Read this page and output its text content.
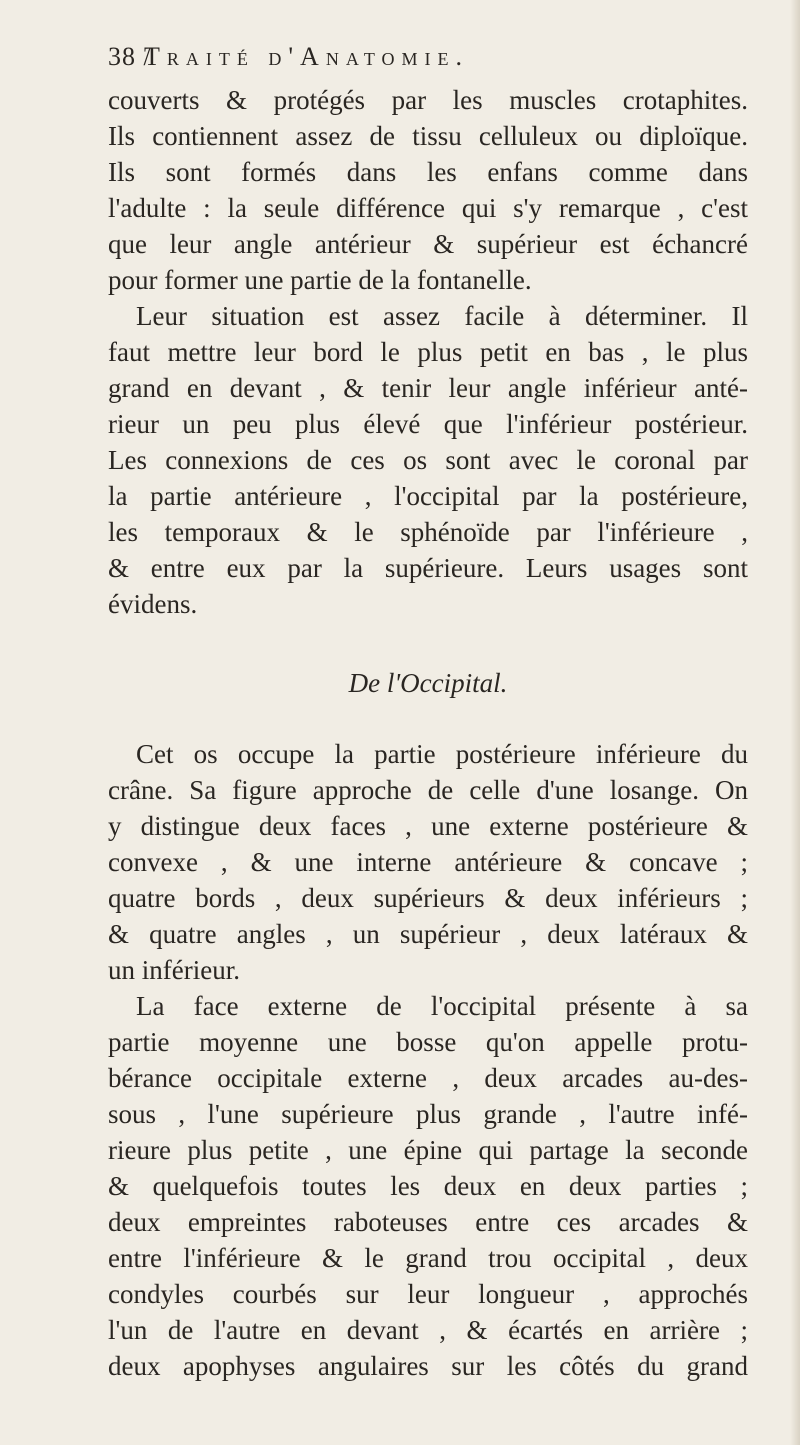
38 /
Traité d'Anatomie.
couverts & protégés par les muscles crotaphites.
Ils contiennent assez de tissu celluleux ou diploïque.
Ils sont formés dans les enfans comme dans
l'adulte : la seule différence qui s'y remarque , c'est
que leur angle antérieur & supérieur est échancré
pour former une partie de la fontanelle.
Leur situation est assez facile à déterminer. Il
faut mettre leur bord le plus petit en bas , le plus
grand en devant , & tenir leur angle inférieur anté-
rieur un peu plus élevé que l'inférieur postérieur.
Les connexions de ces os sont avec le coronal par
la partie antérieure , l'occipital par la postérieure,
les temporaux & le sphénoïde par l'inférieure ,
& entre eux par la supérieure. Leurs usages sont
évidens.
De l'Occipital.
Cet os occupe la partie postérieure inférieure du
crâne. Sa figure approche de celle d'une losange. On
y distingue deux faces , une externe postérieure &
convexe , & une interne antérieure & concave ;
quatre bords , deux supérieurs & deux inférieurs ;
& quatre angles , un supérieur , deux latéraux &
un inférieur.
La face externe de l'occipital présente à sa
partie moyenne une bosse qu'on appelle protu-
bérance occipitale externe , deux arcades au-des-
sous , l'une supérieure plus grande , l'autre infé-
rieure plus petite , une épine qui partage la seconde
& quelquefois toutes les deux en deux parties ;
deux empreintes raboteuses entre ces arcades &
entre l'inférieure & le grand trou occipital , deux
condyles courbés sur leur longueur , approchés
l'un de l'autre en devant , & écartés en arrière ;
deux apophyses angulaires sur les côtés du grand
